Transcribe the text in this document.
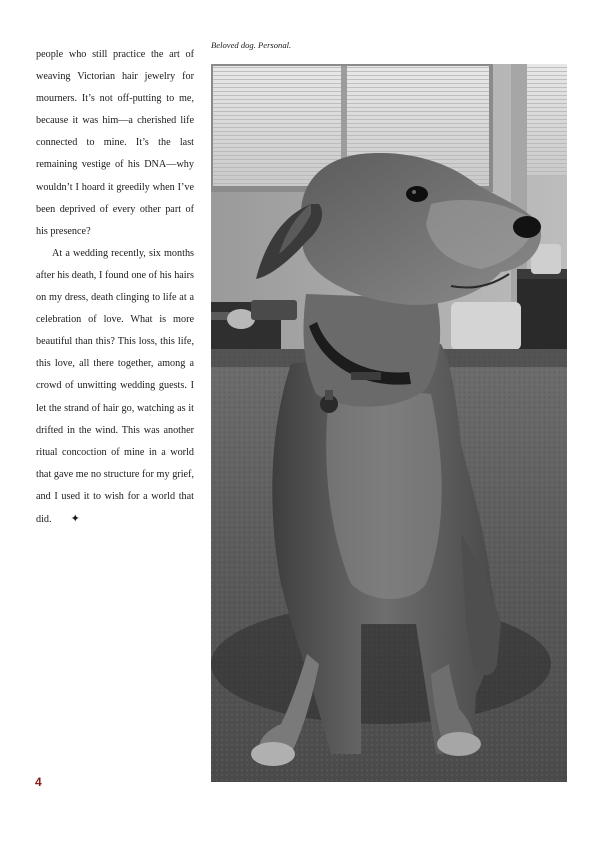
people who still practice the art of weaving Victorian hair jewelry for mourners. It’s not off-putting to me, because it was him—a cherished life connected to mine. It’s the last remaining vestige of his DNA—why wouldn’t I hoard it greedily when I’ve been deprived of every other part of his presence?

At a wedding recently, six months after his death, I found one of his hairs on my dress, death clinging to life at a celebration of love. What is more beautiful than this? This loss, this life, this love, all there together, among a crowd of unwitting wedding guests. I let the strand of hair go, watching as it drifted in the wind. This was another ritual concoction of mine in a world that gave me no structure for my grief, and I used it to wish for a world that did. ✦

Beloved dog. Personal.
4
